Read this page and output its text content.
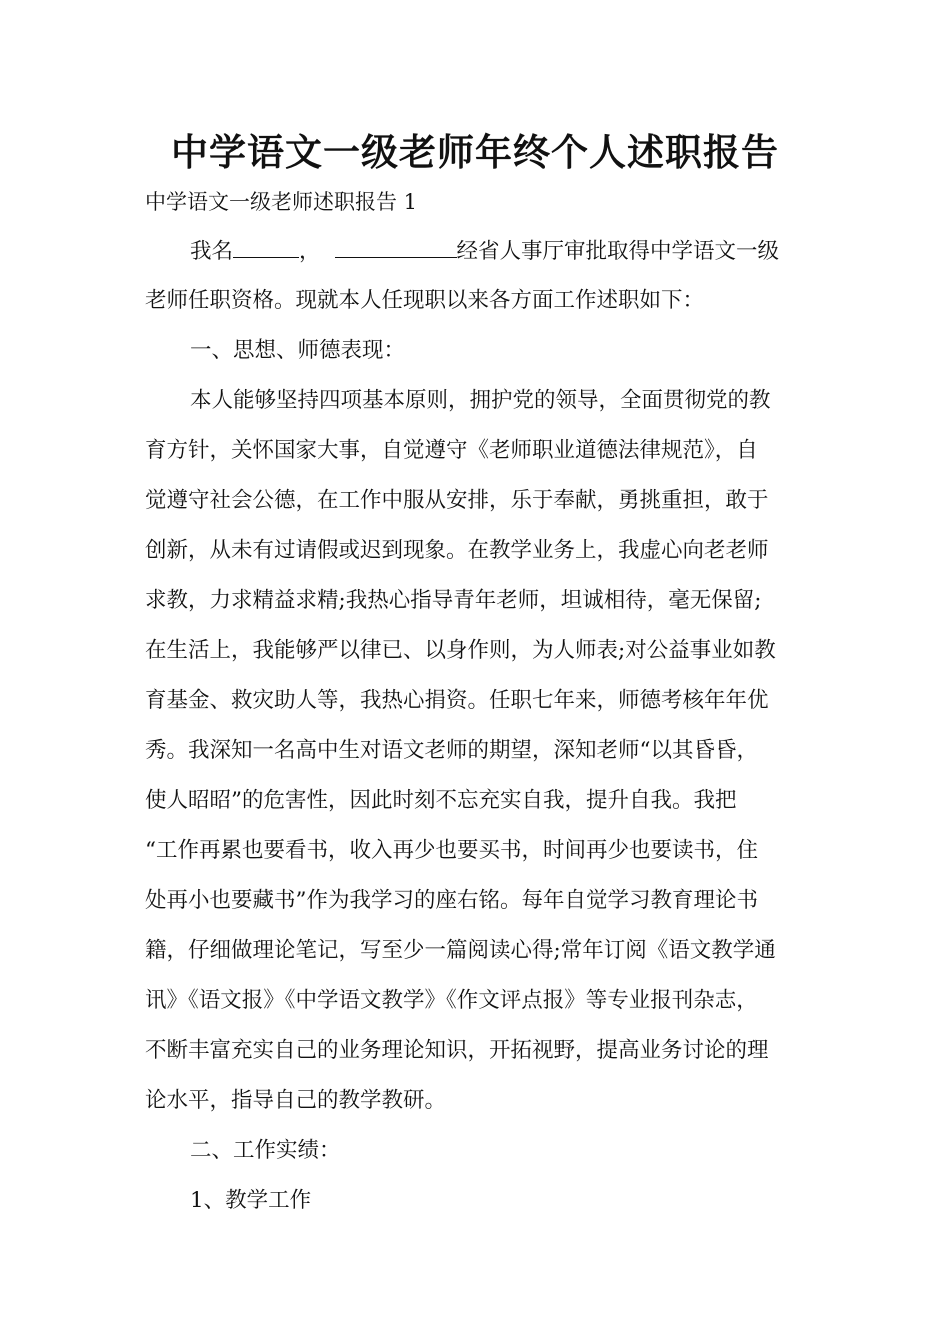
中学语文一级老师年终个人述职报告

中学语文一级老师述职报告 1

我名	，	经省人事厅审批取得中学语文一级

老师任职资格。现就本人任现职以来各方面工作述职如下：

一、思想、师德表现：

本人能够坚持四项基本原则，拥护党的领导，全面贯彻党的教

育方针，关怀国家大事，自觉遵守《老师职业道德法律规范》，自

觉遵守社会公德，在工作中服从安排，乐于奉献，勇挑重担，敢于

创新，从未有过请假或迟到现象。在教学业务上，我虚心向老老师

求教，力求精益求精;我热心指导青年老师，坦诚相待，毫无保留;

在生活上，我能够严以律已、以身作则，为人师表;对公益事业如教

育基金、救灾助人等，我热心捐资。任职七年来，师德考核年年优

秀。我深知一名高中生对语文老师的期望，深知老师“以其昏昏，

使人昭昭”的危害性，因此时刻不忘充实自我，提升自我。我把

“工作再累也要看书，收入再少也要买书，时间再少也要读书，住

处再小也要藏书”作为我学习的座右铭。每年自觉学习教育理论书

籍，仔细做理论笔记，写至少一篇阅读心得;常年订阅《语文教学通

讯》《语文报》《中学语文教学》《作文评点报》等专业报刊杂志，

不断丰富充实自己的业务理论知识，开拓视野，提高业务讨论的理

论水平，指导自己的教学教研。

二、工作实绩：

1、教学工作
